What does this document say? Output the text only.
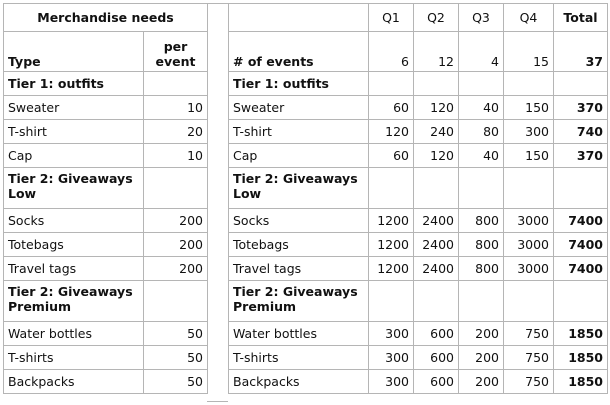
Merchandise needs	
Type	per event
Tier 1: outfits	
Sweater	10
T-shirt	20
Cap	10
Tier 2: Giveaways Low	
Socks	200
Totebags	200
Travel tags	200
Tier 2: Giveaways Premium	
Water bottles	50
T-shirts	50
Backpacks	50
	Q1	Q2	Q3	Q4	Total
# of events	6	12	4	15	37
Tier 1: outfits					
Sweater	60	120	40	150	370
T-shirt	120	240	80	300	740
Cap	60	120	40	150	370
Tier 2: Giveaways Low					
Socks	1200	2400	800	3000	7400
Totebags	1200	2400	800	3000	7400
Travel tags	1200	2400	800	3000	7400
Tier 2: Giveaways Premium					
Water bottles	300	600	200	750	1850
T-shirts	300	600	200	750	1850
Backpacks	300	600	200	750	1850
